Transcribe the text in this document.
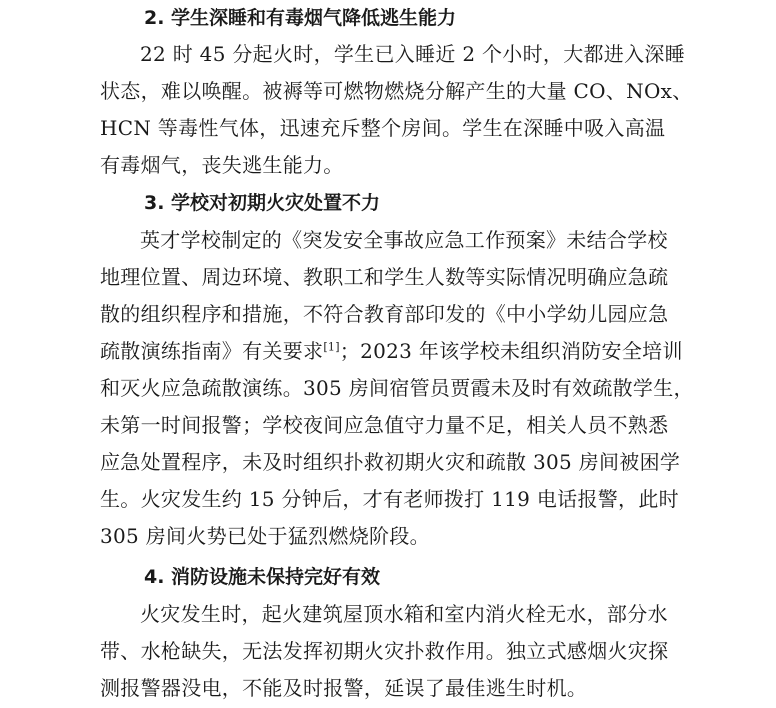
2. 学生深睡和有毒烟气降低逃生能力
22 时 45 分起火时，学生已入睡近 2 个小时，大都进入深睡
状态，难以唤醒。被褥等可燃物燃烧分解产生的大量 CO、NOx、
HCN 等毒性气体，迅速充斥整个房间。学生在深睡中吸入高温
有毒烟气，丧失逃生能力。
3. 学校对初期火灾处置不力
英才学校制定的《突发安全事故应急工作预案》未结合学校
地理位置、周边环境、教职工和学生人数等实际情况明确应急疏
散的组织程序和措施，不符合教育部印发的《中小学幼儿园应急
疏散演练指南》有关要求[1]；2023 年该学校未组织消防安全培训
和灭火应急疏散演练。305 房间宿管员贾霞未及时有效疏散学生，
未第一时间报警；学校夜间应急值守力量不足，相关人员不熟悉
应急处置程序，未及时组织扑救初期火灾和疏散 305 房间被困学
生。火灾发生约 15 分钟后，才有老师拨打 119 电话报警，此时
305 房间火势已处于猛烈燃烧阶段。
4. 消防设施未保持完好有效
火灾发生时，起火建筑屋顶水箱和室内消火栓无水，部分水
带、水枪缺失，无法发挥初期火灾扑救作用。独立式感烟火灾探
测报警器没电，不能及时报警，延误了最佳逃生时机。
